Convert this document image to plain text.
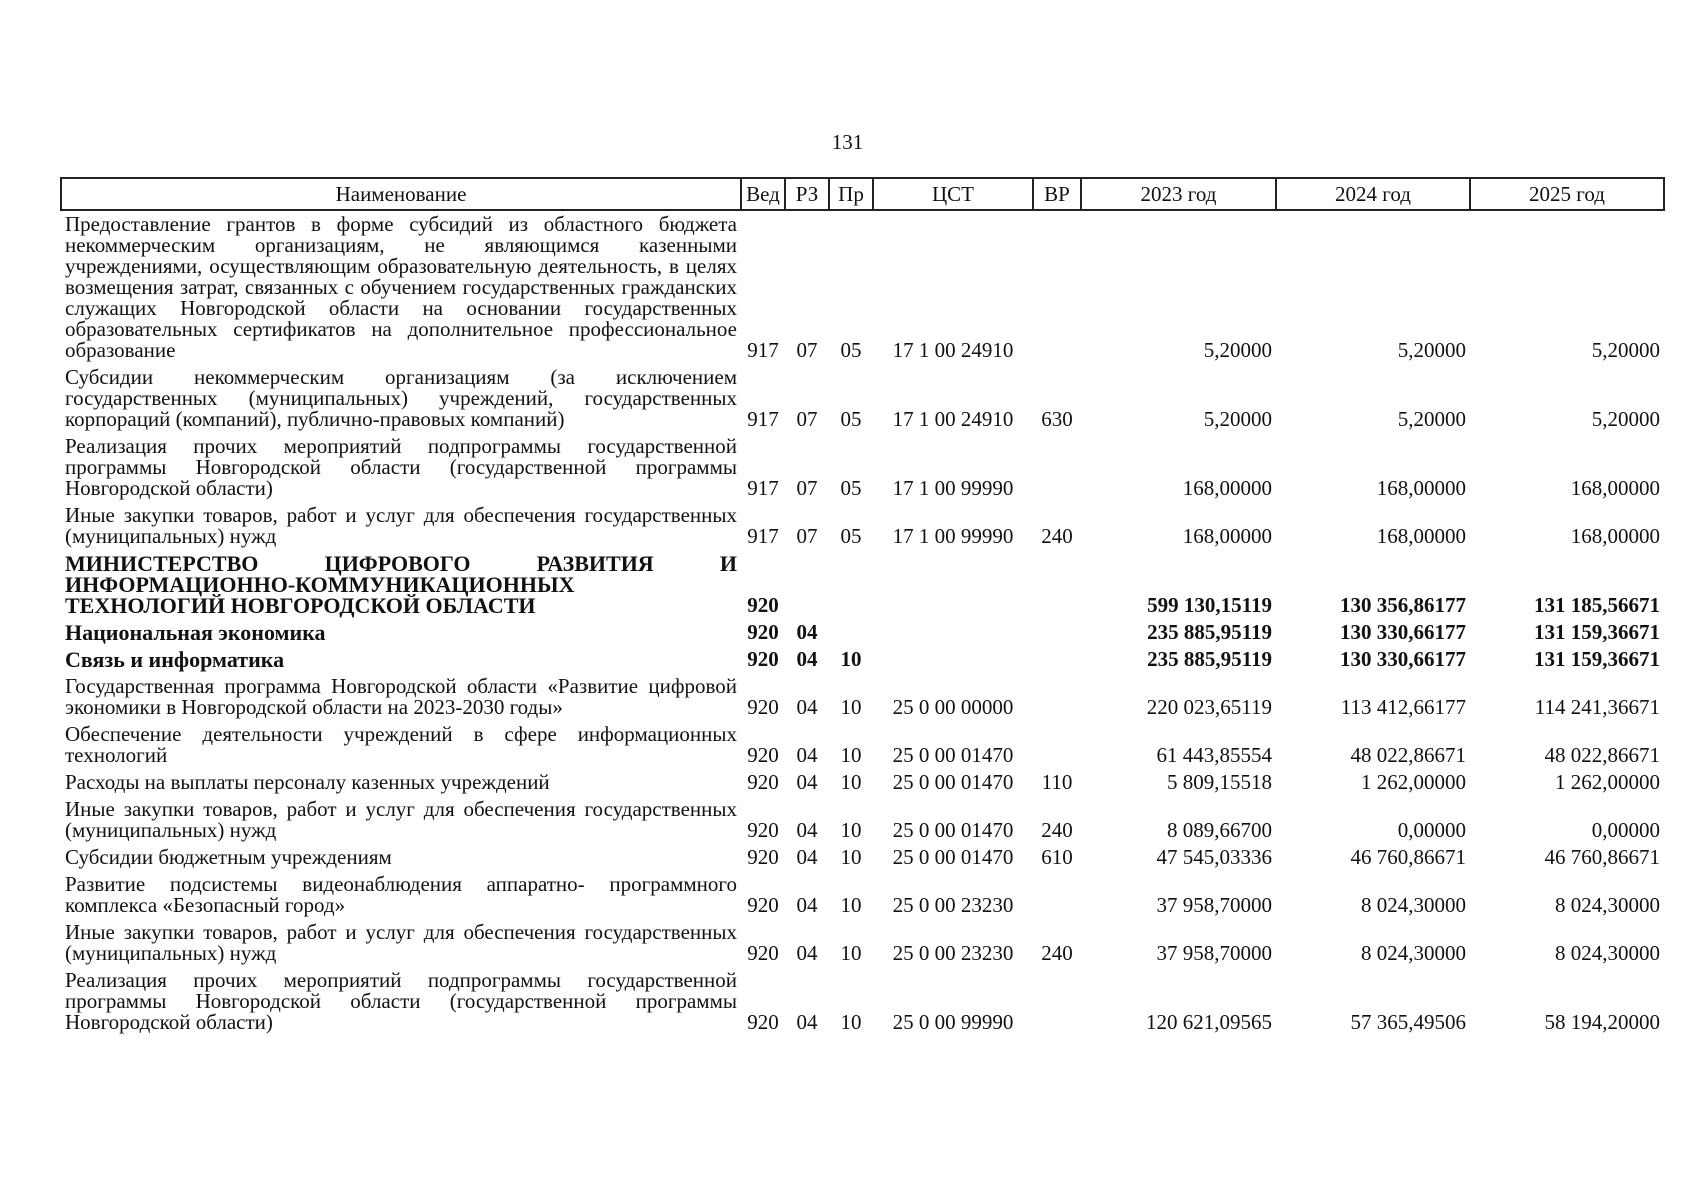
131
Наименование	Вед	РЗ	Пр	ЦСТ	ВР	2023 год	2024 год	2025 год
Предоставление грантов в форме субсидий из областного бюджета некоммерческим организациям, не являющимся казенными учреждениями, осуществляющим образовательную деятельность, в целях возмещения затрат, связанных с обучением государственных гражданских служащих Новгородской области на основании государственных образовательных сертификатов на дополнительное профессиональное образование	917	07	05	17 1 00 24910		5,20000	5,20000	5,20000
Субсидии некоммерческим организациям (за исключением государственных (муниципальных) учреждений, государственных корпораций (компаний), публично-правовых компаний)	917	07	05	17 1 00 24910	630	5,20000	5,20000	5,20000
Реализация прочих мероприятий подпрограммы государственной программы Новгородской области (государственной программы Новгородской области)	917	07	05	17 1 00 99990		168,00000	168,00000	168,00000
Иные закупки товаров, работ и услуг для обеспечения государственных (муниципальных) нужд	917	07	05	17 1 00 99990	240	168,00000	168,00000	168,00000
МИНИСТЕРСТВО ЦИФРОВОГО РАЗВИТИЯ И ИНФОРМАЦИОННО-КОММУНИКАЦИОННЫХ ТЕХНОЛОГИЙ НОВГОРОДСКОЙ ОБЛАСТИ	920					599 130,15119	130 356,86177	131 185,56671
Национальная экономика	920	04				235 885,95119	130 330,66177	131 159,36671
Связь и информатика	920	04	10			235 885,95119	130 330,66177	131 159,36671
Государственная программа Новгородской области «Развитие цифровой экономики в Новгородской области на 2023-2030 годы»	920	04	10	25 0 00 00000		220 023,65119	113 412,66177	114 241,36671
Обеспечение деятельности учреждений в сфере информационных технологий	920	04	10	25 0 00 01470		61 443,85554	48 022,86671	48 022,86671
Расходы на выплаты персоналу казенных учреждений	920	04	10	25 0 00 01470	110	5 809,15518	1 262,00000	1 262,00000
Иные закупки товаров, работ и услуг для обеспечения государственных (муниципальных) нужд	920	04	10	25 0 00 01470	240	8 089,66700	0,00000	0,00000
Субсидии бюджетным учреждениям	920	04	10	25 0 00 01470	610	47 545,03336	46 760,86671	46 760,86671
Развитие подсистемы видеонаблюдения аппаратно- программного комплекса «Безопасный город»	920	04	10	25 0 00 23230		37 958,70000	8 024,30000	8 024,30000
Иные закупки товаров, работ и услуг для обеспечения государственных (муниципальных) нужд	920	04	10	25 0 00 23230	240	37 958,70000	8 024,30000	8 024,30000
Реализация прочих мероприятий подпрограммы государственной программы Новгородской области (государственной программы Новгородской области)	920	04	10	25 0 00 99990		120 621,09565	57 365,49506	58 194,20000
